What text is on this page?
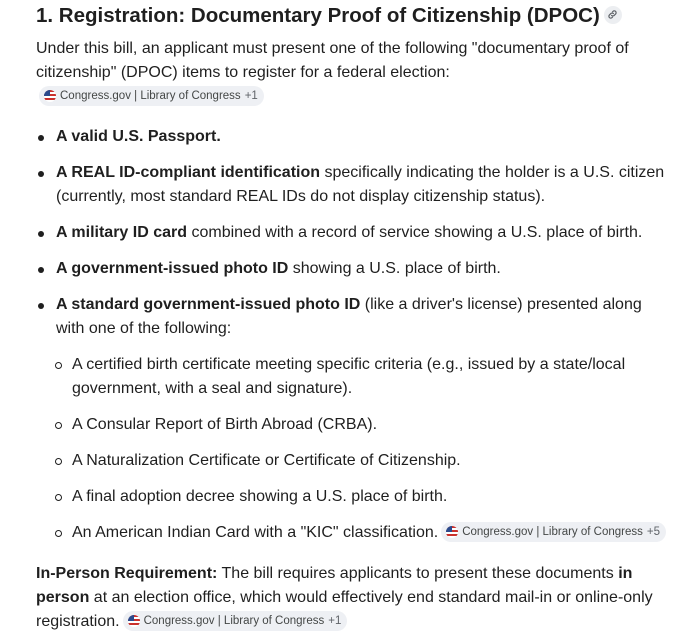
1. Registration: Documentary Proof of Citizenship (DPOC)

Under this bill, an applicant must present one of the following "documentary proof of citizenship" (DPOC) items to register for a federal election:
Congress.gov | Library of Congress +1

A valid U.S. Passport.
A REAL ID-compliant identification specifically indicating the holder is a U.S. citizen (currently, most standard REAL IDs do not display citizenship status).
A military ID card combined with a record of service showing a U.S. place of birth.
A government-issued photo ID showing a U.S. place of birth.
A standard government-issued photo ID (like a driver's license) presented along with one of the following:
A certified birth certificate meeting specific criteria (e.g., issued by a state/local government, with a seal and signature).
A Consular Report of Birth Abroad (CRBA).
A Naturalization Certificate or Certificate of Citizenship.
A final adoption decree showing a U.S. place of birth.
An American Indian Card with a "KIC" classification. Congress.gov | Library of Congress +5

In-Person Requirement: The bill requires applicants to present these documents in person at an election office, which would effectively end standard mail-in or online-only registration. Congress.gov | Library of Congress +1
